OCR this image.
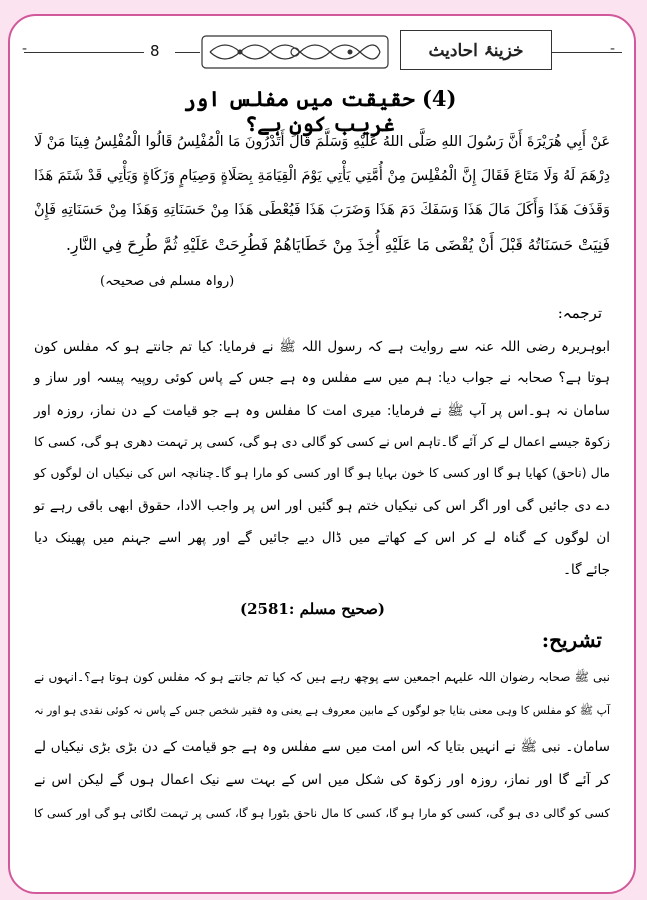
-	-
8	خزینۂ احادیث
(4) حقیقت میں مفلس اور غریب کون ہے؟
عَنْ أَبِي هُرَيْرَةَ أَنَّ رَسُولَ اللهِ صَلَّى اللهُ عَلَيْهِ وَسَلَّمَ قَالَ أَتَدْرُونَ مَا الْمُفْلِسُ قَالُوا الْمُفْلِسُ فِينَا مَنْ لَا
دِرْهَمَ لَهُ وَلَا مَتَاعَ فَقَالَ إِنَّ الْمُفْلِسَ مِنْ أُمَّتِي يَأْتِي يَوْمَ الْقِيَامَةِ بِصَلَاةٍ وَصِيَامٍ وَزَكَاةٍ وَيَأْتِي قَدْ شَتَمَ هَذَا
وَقَذَفَ هَذَا وَأَكَلَ مَالَ هَذَا وَسَفَكَ دَمَ هَذَا وَضَرَبَ هَذَا فَيُعْطَى هَذَا مِنْ حَسَنَاتِهِ وَهَذَا مِنْ حَسَنَاتِهِ فَإِنْ
فَنِيَتْ حَسَنَاتُهُ قَبْلَ أَنْ يُقْضَى مَا عَلَيْهِ أُخِذَ مِنْ خَطَايَاهُمْ فَطُرِحَتْ عَلَيْهِ ثُمَّ طُرِحَ فِي النَّارِ.
(رواہ مسلم فی صحیحہ)
ترجمہ:
ابوہریرہ رضی اللہ عنہ سے روایت ہے کہ رسول اللہ ﷺ نے فرمایا: کیا تم جانتے ہو کہ مفلس کون
ہوتا ہے؟ صحابہ نے جواب دیا: ہم میں سے مفلس وہ ہے جس کے پاس کوئی روپیہ پیسہ اور ساز و
سامان نہ ہو۔اس پر آپ ﷺ نے فرمایا: میری امت کا مفلس وہ ہے جو قیامت کے دن نماز، روزہ اور
زکوۃ جیسے اعمال لے کر آئے گا۔تاہم اس نے کسی کو گالی دی ہو گی، کسی پر تہمت دھری ہو گی، کسی کا
مال (ناحق) کھایا ہو گا اور کسی کا خون بہایا ہو گا اور کسی کو مارا ہو گا۔چنانچہ اس کی نیکیاں ان لوگوں کو
دے دی جائیں گی اور اگر اس کی نیکیاں ختم ہو گئیں اور اس پر واجب الادا، حقوق ابھی باقی رہے تو
ان لوگوں کے گناہ لے کر اس کے کھاتے میں ڈال دیے جائیں گے اور پھر اسے جہنم میں پھینک دیا
جائے گا۔
(صحیح مسلم :2581)
تشریح:
نبی ﷺ صحابہ رضوان اللہ علیہم اجمعین سے پوچھ رہے ہیں کہ کیا تم جانتے ہو کہ مفلس کون ہوتا ہے؟۔انہوں نے
آپ ﷺ کو مفلس کا وہی معنی بتایا جو لوگوں کے مابین معروف ہے یعنی وہ فقیر شخص جس کے پاس نہ کوئی نقدی ہو اور نہ
سامان۔ نبی ﷺ نے انہیں بتایا کہ اس امت میں سے مفلس وہ ہے جو قیامت کے دن بڑی بڑی نیکیاں لے
کر آئے گا اور نماز، روزہ اور زکوۃ کی شکل میں اس کے بہت سے نیک اعمال ہوں گے لیکن اس نے
کسی کو گالی دی ہو گی، کسی کو مارا ہو گا، کسی کا مال ناحق بٹورا ہو گا، کسی پر تہمت لگائی ہو گی اور کسی کا
